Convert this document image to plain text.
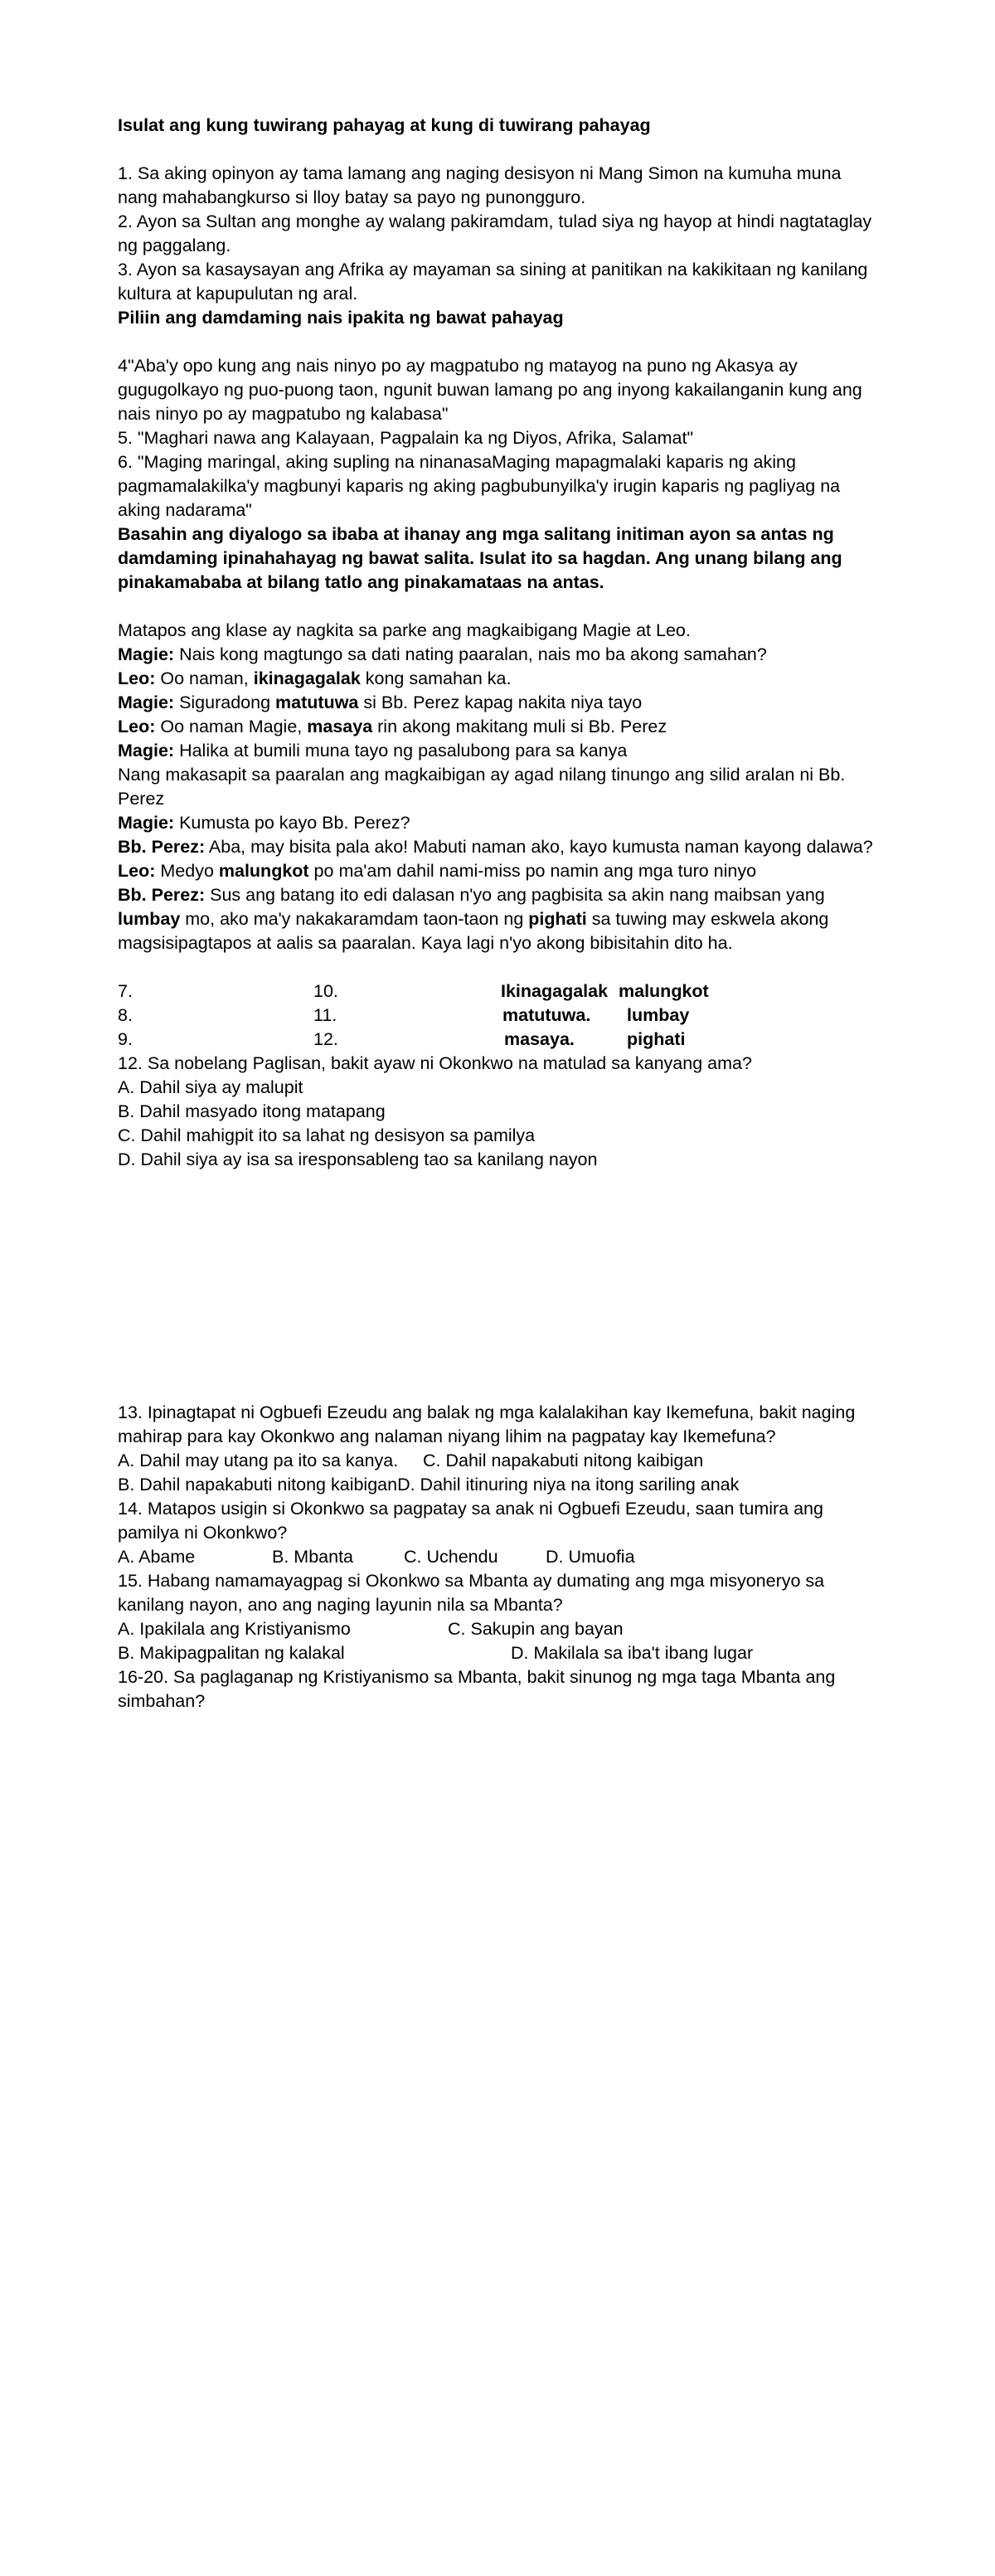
Isulat ang kung tuwirang pahayag at kung di tuwirang pahayag
1. Sa aking opinyon ay tama lamang ang naging desisyon ni Mang Simon na kumuha muna
nang mahabangkurso si lloy batay sa payo ng punongguro.
2. Ayon sa Sultan ang monghe ay walang pakiramdam, tulad siya ng hayop at hindi nagtataglay
ng paggalang.
3. Ayon sa kasaysayan ang Afrika ay mayaman sa sining at panitikan na kakikitaan ng kanilang
kultura at kapupulutan ng aral.
Piliin ang damdaming nais ipakita ng bawat pahayag
4"Aba'y opo kung ang nais ninyo po ay magpatubo ng matayog na puno ng Akasya ay
gugugolkayo ng puo-puong taon, ngunit buwan lamang po ang inyong kakailanganin kung ang
nais ninyo po ay magpatubo ng kalabasa"
5. "Maghari nawa ang Kalayaan, Pagpalain ka ng Diyos, Afrika, Salamat"
6. "Maging maringal, aking supling na ninanasaMaging mapagmalaki kaparis ng aking
pagmamalakilka'y magbunyi kaparis ng aking pagbubunyilka'y irugin kaparis ng pagliyag na
aking nadarama"
Basahin ang diyalogo sa ibaba at ihanay ang mga salitang initiman ayon sa antas ng
damdaming ipinahahayag ng bawat salita. Isulat ito sa hagdan. Ang unang bilang ang
pinakamababa at bilang tatlo ang pinakamataas na antas.
Matapos ang klase ay nagkita sa parke ang magkaibigang Magie at Leo.
Magie: Nais kong magtungo sa dati nating paaralan, nais mo ba akong samahan?
Leo: Oo naman, ikinagagalak kong samahan ka.
Magie: Siguradong matutuwa si Bb. Perez kapag nakita niya tayo
Leo: Oo naman Magie, masaya rin akong makitang muli si Bb. Perez
Magie: Halika at bumili muna tayo ng pasalubong para sa kanya
Nang makasapit sa paaralan ang magkaibigan ay agad nilang tinungo ang silid aralan ni Bb.
Perez
Magie: Kumusta po kayo Bb. Perez?
Bb. Perez: Aba, may bisita pala ako! Mabuti naman ako, kayo kumusta naman kayong dalawa?
Leo: Medyo malungkot po ma'am dahil nami-miss po namin ang mga turo ninyo
Bb. Perez: Sus ang batang ito edi dalasan n'yo ang pagbisita sa akin nang maibsan yang
lumbay mo, ako ma'y nakakaramdam taon-taon ng pighati sa tuwing may eskwela akong
magsisipagtapos at aalis sa paaralan. Kaya lagi n'yo akong bibisitahin dito ha.
7.	10.	Ikinagagalak malungkot
8.	11.	matutuwa. lumbay
9.	12.	masaya.	pighati
12. Sa nobelang Paglisan, bakit ayaw ni Okonkwo na matulad sa kanyang ama?
A. Dahil siya ay malupit
B. Dahil masyado itong matapang
C. Dahil mahigpit ito sa lahat ng desisyon sa pamilya
D. Dahil siya ay isa sa iresponsableng tao sa kanilang nayon
13. Ipinagtapat ni Ogbuefi Ezeudu ang balak ng mga kalalakihan kay Ikemefuna, bakit naging
mahirap para kay Okonkwo ang nalaman niyang lihim na pagpatay kay Ikemefuna?
A. Dahil may utang pa ito sa kanya. C. Dahil napakabuti nitong kaibigan
B. Dahil napakabuti nitong kaibiganD. Dahil itinuring niya na itong sariling anak
14. Matapos usigin si Okonkwo sa pagpatay sa anak ni Ogbuefi Ezeudu, saan tumira ang
pamilya ni Okonkwo?
A. Abame	B. Mbanta	C. Uchendu	D. Umuofia
15. Habang namamayagpag si Okonkwo sa Mbanta ay dumating ang mga misyoneryo sa
kanilang nayon, ano ang naging layunin nila sa Mbanta?
A. Ipakilala ang Kristiyanismo	C. Sakupin ang bayan
B. Makipagpalitan ng kalakal	D. Makilala sa iba't ibang lugar
16-20. Sa paglaganap ng Kristiyanismo sa Mbanta, bakit sinunog ng mga taga Mbanta ang
simbahan?
